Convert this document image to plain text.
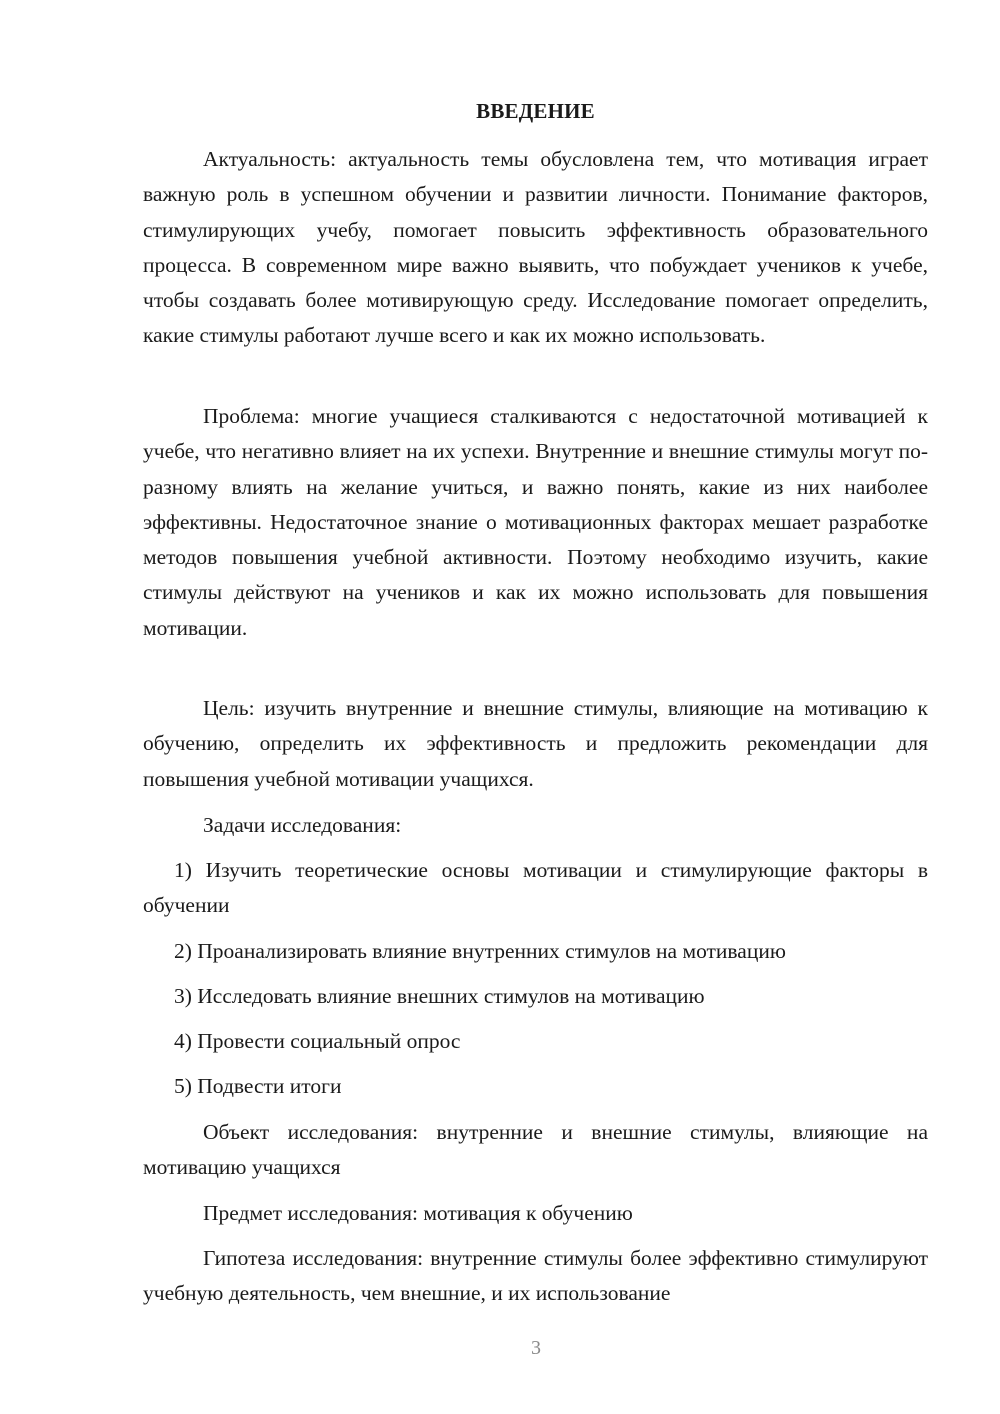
ВВЕДЕНИЕ

Актуальность: актуальность темы обусловлена тем, что мотивация играет важную роль в успешном обучении и развитии личности. Понимание факторов, стимулирующих учебу, помогает повысить эффективность образовательного процесса. В современном мире важно выявить, что побуждает учеников к учебе, чтобы создавать более мотивирующую среду. Исследование помогает определить, какие стимулы работают лучше всего и как их можно использовать.

Проблема: многие учащиеся сталкиваются с недостаточной мотивацией к учебе, что негативно влияет на их успехи. Внутренние и внешние стимулы могут по-разному влиять на желание учиться, и важно понять, какие из них наиболее эффективны. Недостаточное знание о мотивационных факторах мешает разработке методов повышения учебной активности. Поэтому необходимо изучить, какие стимулы действуют на учеников и как их можно использовать для повышения мотивации.

Цель: изучить внутренние и внешние стимулы, влияющие на мотивацию к обучению, определить их эффективность и предложить рекомендации для повышения учебной мотивации учащихся.

Задачи исследования:

1) Изучить теоретические основы мотивации и стимулирующие факторы в обучении

2) Проанализировать влияние внутренних стимулов на мотивацию

3) Исследовать влияние внешних стимулов на мотивацию

4) Провести социальный опрос

5) Подвести итоги

Объект исследования: внутренние и внешние стимулы, влияющие на мотивацию учащихся

Предмет исследования: мотивация к обучению

Гипотеза исследования: внутренние стимулы более эффективно стимулируют учебную деятельность, чем внешние, и их использование

3
